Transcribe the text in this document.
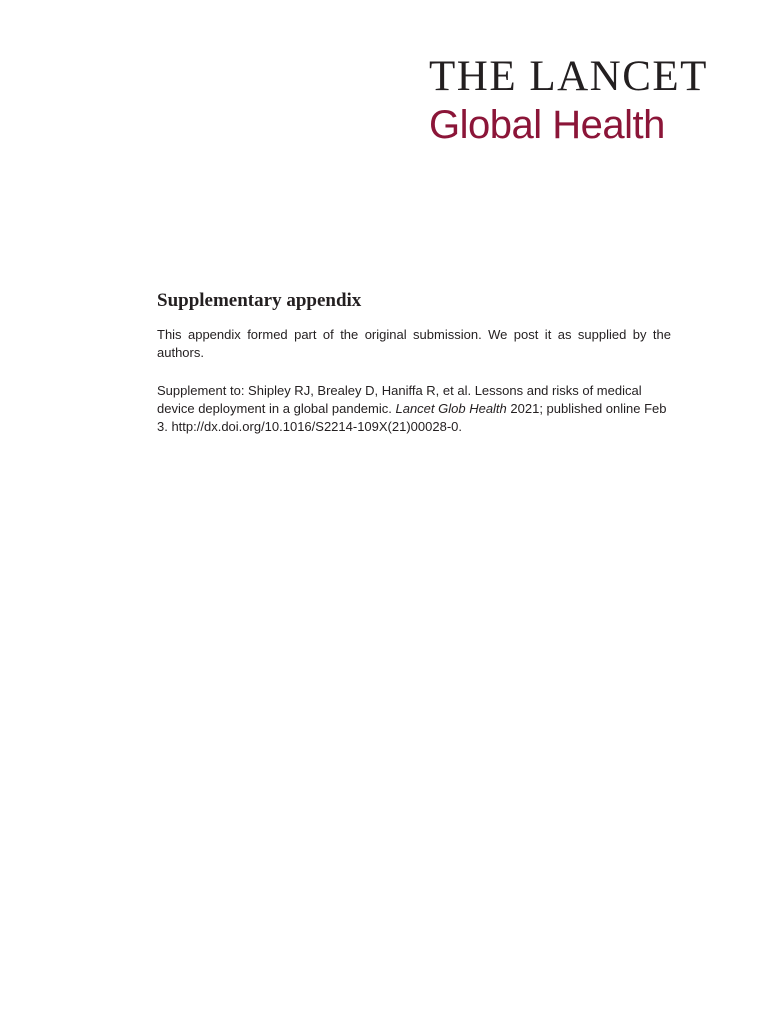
THE LANCET
Global Health
Supplementary appendix

This appendix formed part of the original submission. We post it as supplied by the authors.

Supplement to: Shipley RJ, Brealey D, Haniffa R, et al. Lessons and risks of medical device deployment in a global pandemic. Lancet Glob Health 2021; published online Feb 3. http://dx.doi.org/10.1016/S2214-109X(21)00028-0.
